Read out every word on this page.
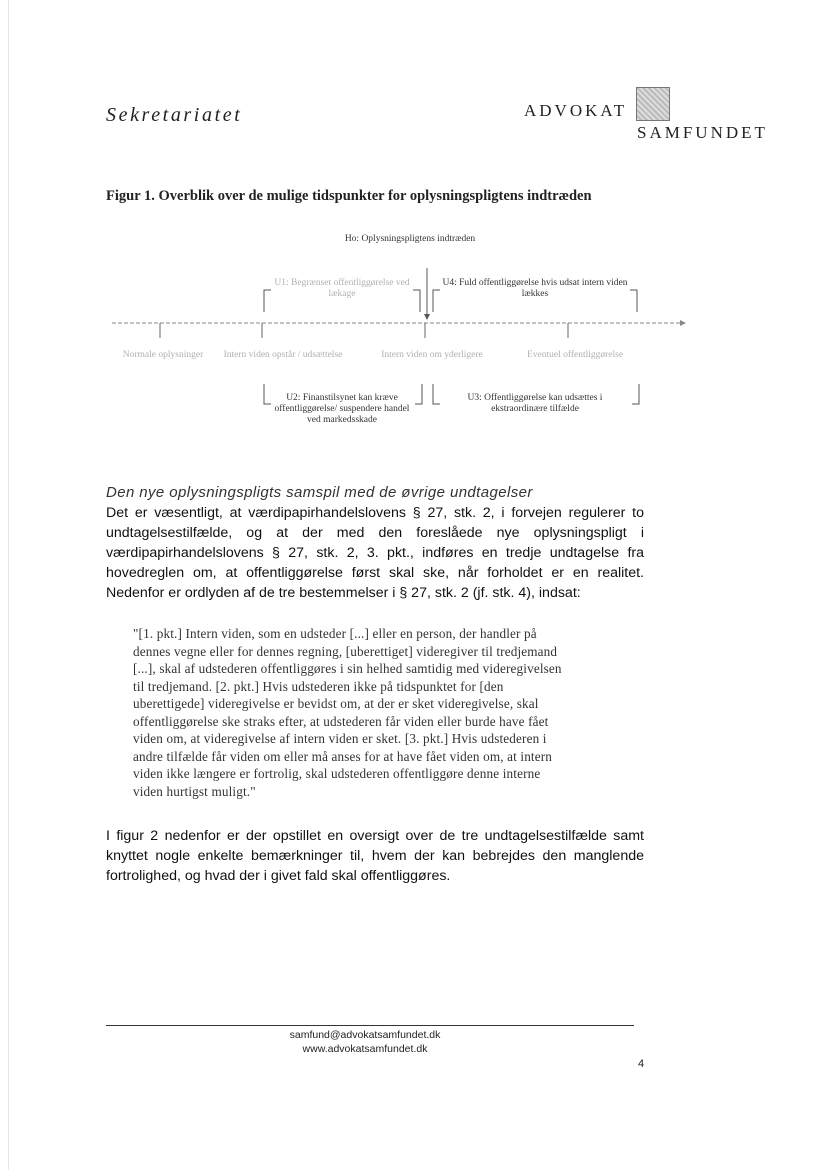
Sekretariatet	ADVOKAT
SAMFUNDET
Figur 1. Overblik over de mulige tidspunkter for oplysningspligtens indtræden
Ho: Oplysningspligtens indtræden
U1: Begrænset offentliggørelse ved lækage
U4: Fuld offentliggørelse hvis udsat intern viden lækkes
Normale oplysninger	Intern viden opstår / udsættelse	Intern viden om yderligere	Eventuel offentliggørelse
U2: Finanstilsynet kan kræve offentliggørelse/ suspendere handel ved markedsskade
U3: Offentliggørelse kan udsættes i ekstraordinære tilfælde
Den nye oplysningspligts samspil med de øvrige undtagelser
Det er væsentligt, at værdipapirhandelslovens § 27, stk. 2, i forvejen regulerer to undtagelsestilfælde, og at der med den foreslåede nye oplysningspligt i værdipapirhandelslovens § 27, stk. 2, 3. pkt., indføres en tredje undtagelse fra hovedreglen om, at offentliggørelse først skal ske, når forholdet er en realitet. Nedenfor er ordlyden af de tre bestemmelser i § 27, stk. 2 (jf. stk. 4), indsat:
"[1. pkt.] Intern viden, som en udsteder [...] eller en person, der handler på
dennes vegne eller for dennes regning, [uberettiget] videregiver til tredjemand
[...], skal af udstederen offentliggøres i sin helhed samtidig med videregivelsen
til tredjemand. [2. pkt.] Hvis udstederen ikke på tidspunktet for [den
uberettigede] videregivelse er bevidst om, at der er sket videregivelse, skal
offentliggørelse ske straks efter, at udstederen får viden eller burde have fået
viden om, at videregivelse af intern viden er sket. [3. pkt.] Hvis udstederen i
andre tilfælde får viden om eller må anses for at have fået viden om, at intern
viden ikke længere er fortrolig, skal udstederen offentliggøre denne interne
viden hurtigst muligt."
I figur 2 nedenfor er der opstillet en oversigt over de tre undtagelsestilfælde samt knyttet nogle enkelte bemærkninger til, hvem der kan bebrejdes den manglende fortrolighed, og hvad der i givet fald skal offentliggøres.
samfund@advokatsamfundet.dk
www.advokatsamfundet.dk
4
